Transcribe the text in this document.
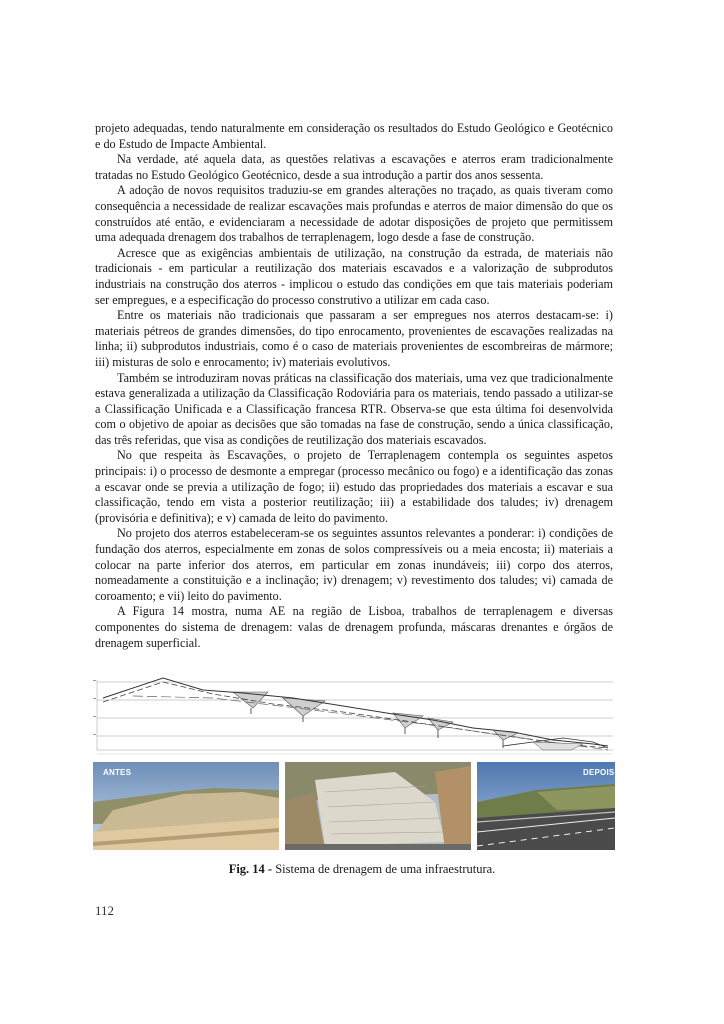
projeto adequadas, tendo naturalmente em consideração os resultados do Estudo Geológico e Geotécnico e do Estudo de Impacte Ambiental.

Na verdade, até aquela data, as questões relativas a escavações e aterros eram tradicionalmente tratadas no Estudo Geológico Geotécnico, desde a sua introdução a partir dos anos sessenta.

A adoção de novos requisitos traduziu-se em grandes alterações no traçado, as quais tiveram como consequência a necessidade de realizar escavações mais profundas e aterros de maior dimensão do que os construídos até então, e evidenciaram a necessidade de adotar disposições de projeto que permitissem uma adequada drenagem dos trabalhos de terraplenagem, logo desde a fase de construção.

Acresce que as exigências ambientais de utilização, na construção da estrada, de materiais não tradicionais - em particular a reutilização dos materiais escavados e a valorização de subprodutos industriais na construção dos aterros - implicou o estudo das condições em que tais materiais poderiam ser empregues, e a especificação do processo construtivo a utilizar em cada caso.

Entre os materiais não tradicionais que passaram a ser empregues nos aterros destacam-se: i) materiais pétreos de grandes dimensões, do tipo enrocamento, provenientes de escavações realizadas na linha; ii) subprodutos industriais, como é o caso de materiais provenientes de escombreiras de mármore; iii) misturas de solo e enrocamento; iv) materiais evolutivos.

Também se introduziram novas práticas na classificação dos materiais, uma vez que tradicionalmente estava generalizada a utilização da Classificação Rodoviária para os materiais, tendo passado a utilizar-se a Classificação Unificada e a Classificação francesa RTR. Observa-se que esta última foi desenvolvida com o objetivo de apoiar as decisões que são tomadas na fase de construção, sendo a única classificação, das três referidas, que visa as condições de reutilização dos materiais escavados.

No que respeita às Escavações, o projeto de Terraplenagem contempla os seguintes aspetos principais: i) o processo de desmonte a empregar (processo mecânico ou fogo) e a identificação das zonas a escavar onde se previa a utilização de fogo; ii) estudo das propriedades dos materiais a escavar e sua classificação, tendo em vista a posterior reutilização; iii) a estabilidade dos taludes; iv) drenagem (provisória e definitiva); e v) camada de leito do pavimento.

No projeto dos aterros estabeleceram-se os seguintes assuntos relevantes a ponderar: i) condições de fundação dos aterros, especialmente em zonas de solos compressíveis ou a meia encosta; ii) materiais a colocar na parte inferior dos aterros, em particular em zonas inundáveis; iii) corpo dos aterros, nomeadamente a constituição e a inclinação; iv) drenagem; v) revestimento dos taludes; vi) camada de coroamento; e vii) leito do pavimento.

A Figura 14 mostra, numa AE na região de Lisboa, trabalhos de terraplenagem e diversas componentes do sistema de drenagem: valas de drenagem profunda, máscaras drenantes e órgãos de drenagem superficial.

ANTES	DEPOIS
Fig. 14 - Sistema de drenagem de uma infraestrutura.
112
